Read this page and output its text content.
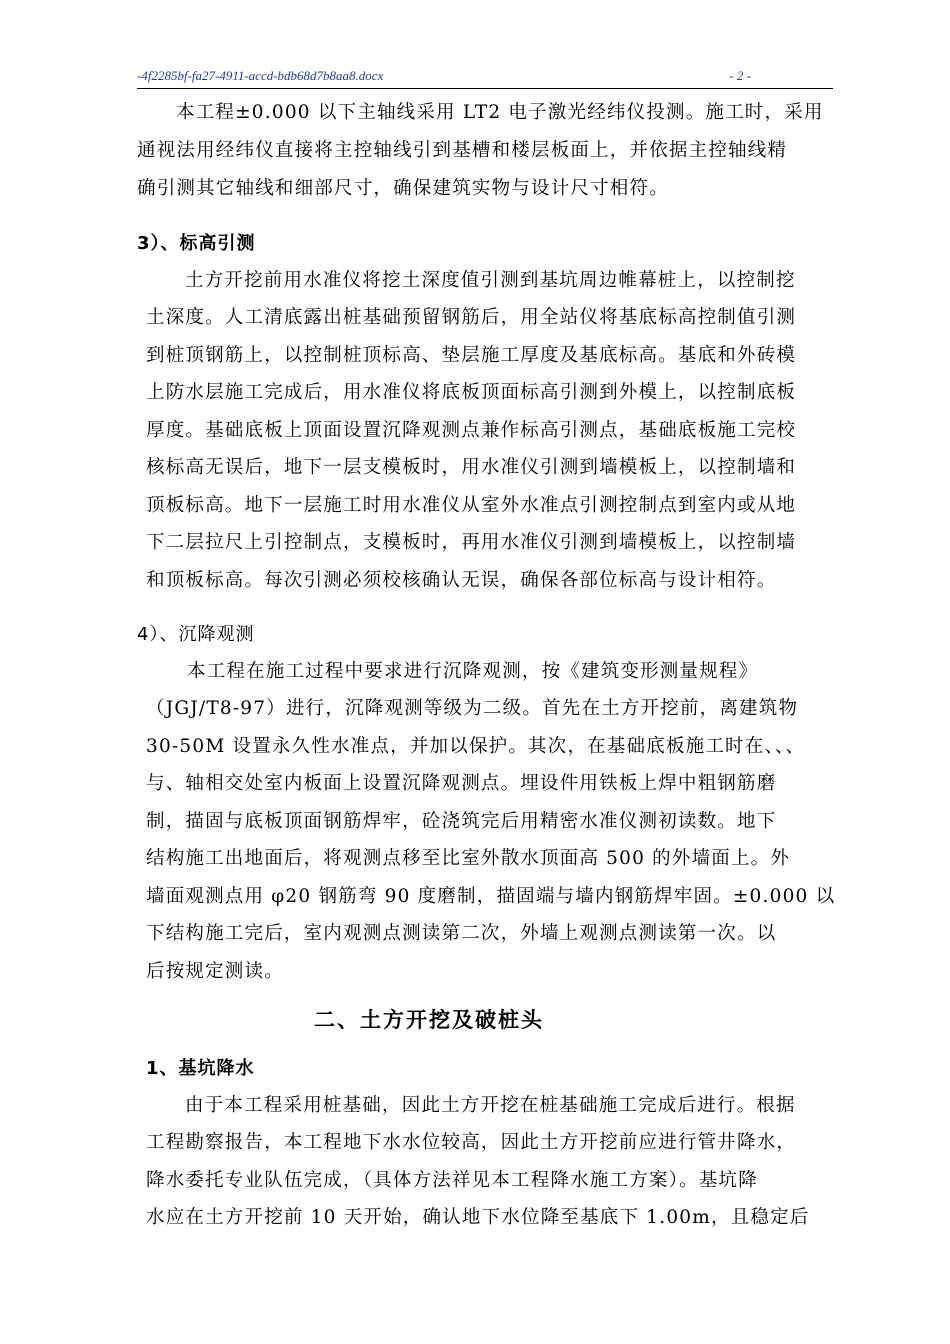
-4f2285bf-fa27-4911-accd-bdb68d7b8aa8.docx	- 2 -
本工程±0.000 以下主轴线采用 LT2 电子激光经纬仪投测。施工时，采用
通视法用经纬仪直接将主控轴线引到基槽和楼层板面上，并依据主控轴线精
确引测其它轴线和细部尺寸，确保建筑实物与设计尺寸相符。
3）、标高引测
土方开挖前用水准仪将挖土深度值引测到基坑周边帷幕桩上，以控制挖
土深度。人工清底露出桩基础预留钢筋后，用全站仪将基底标高控制值引测
到桩顶钢筋上，以控制桩顶标高、垫层施工厚度及基底标高。基底和外砖模
上防水层施工完成后，用水准仪将底板顶面标高引测到外模上，以控制底板
厚度。基础底板上顶面设置沉降观测点兼作标高引测点，基础底板施工完校
核标高无误后，地下一层支模板时，用水准仪引测到墙模板上，以控制墙和
顶板标高。地下一层施工时用水准仪从室外水准点引测控制点到室内或从地
下二层拉尺上引控制点，支模板时，再用水准仪引测到墙模板上，以控制墙
和顶板标高。每次引测必须校核确认无误，确保各部位标高与设计相符。
4）、沉降观测
本工程在施工过程中要求进行沉降观测，按《建筑变形测量规程》
（JGJ/T8-97）进行，沉降观测等级为二级。首先在土方开挖前，离建筑物
30-50M 设置永久性水准点，并加以保护。其次，在基础底板施工时在、、、
与、轴相交处室内板面上设置沉降观测点。埋设件用铁板上焊中粗钢筋磨
制，描固与底板顶面钢筋焊牢，砼浇筑完后用精密水准仪测初读数。地下
结构施工出地面后，将观测点移至比室外散水顶面高 500 的外墙面上。外
墙面观测点用 φ20 钢筋弯 90 度磨制，描固端与墙内钢筋焊牢固。±0.000 以
下结构施工完后，室内观测点测读第二次，外墙上观测点测读第一次。以
后按规定测读。
二、土方开挖及破桩头
1、基坑降水
由于本工程采用桩基础，因此土方开挖在桩基础施工完成后进行。根据
工程勘察报告，本工程地下水水位较高，因此土方开挖前应进行管井降水，
降水委托专业队伍完成，（具体方法祥见本工程降水施工方案）。基坑降
水应在土方开挖前 10 天开始，确认地下水位降至基底下 1.00m，且稳定后
